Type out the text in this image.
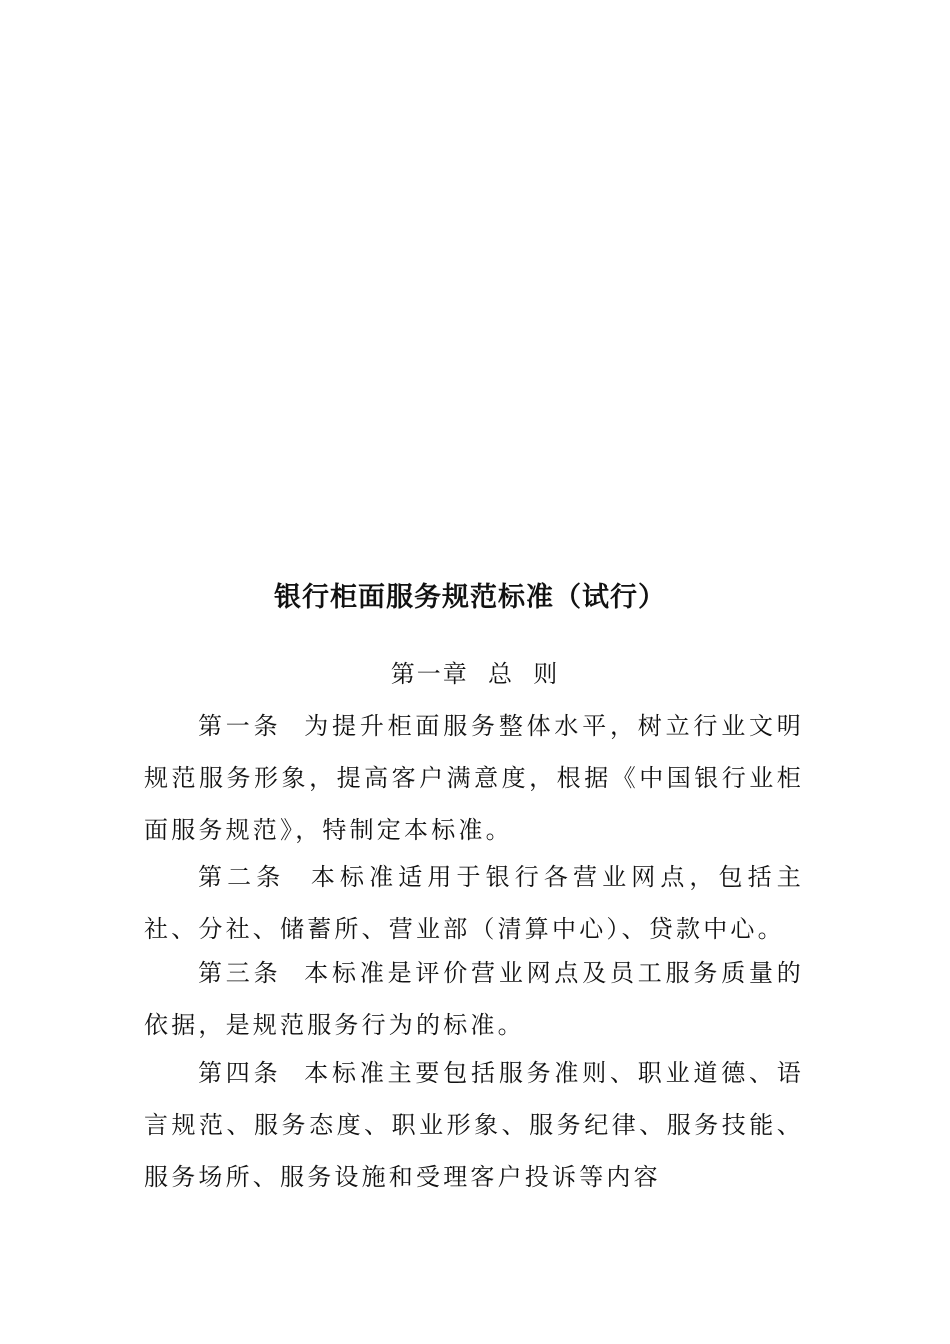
银行柜面服务规范标准（试行）
第一章  总  则
第一条  为提升柜面服务整体水平，树立行业文明规范服务形象，提高客户满意度，根据《中国银行业柜面服务规范》，特制定本标准。
第二条  本标准适用于银行各营业网点，包括主社、分社、储蓄所、营业部（清算中心）、贷款中心。
第三条  本标准是评价营业网点及员工服务质量的依据，是规范服务行为的标准。
第四条  本标准主要包括服务准则、职业道德、语言规范、服务态度、职业形象、服务纪律、服务技能、服务场所、服务设施和受理客户投诉等内容
